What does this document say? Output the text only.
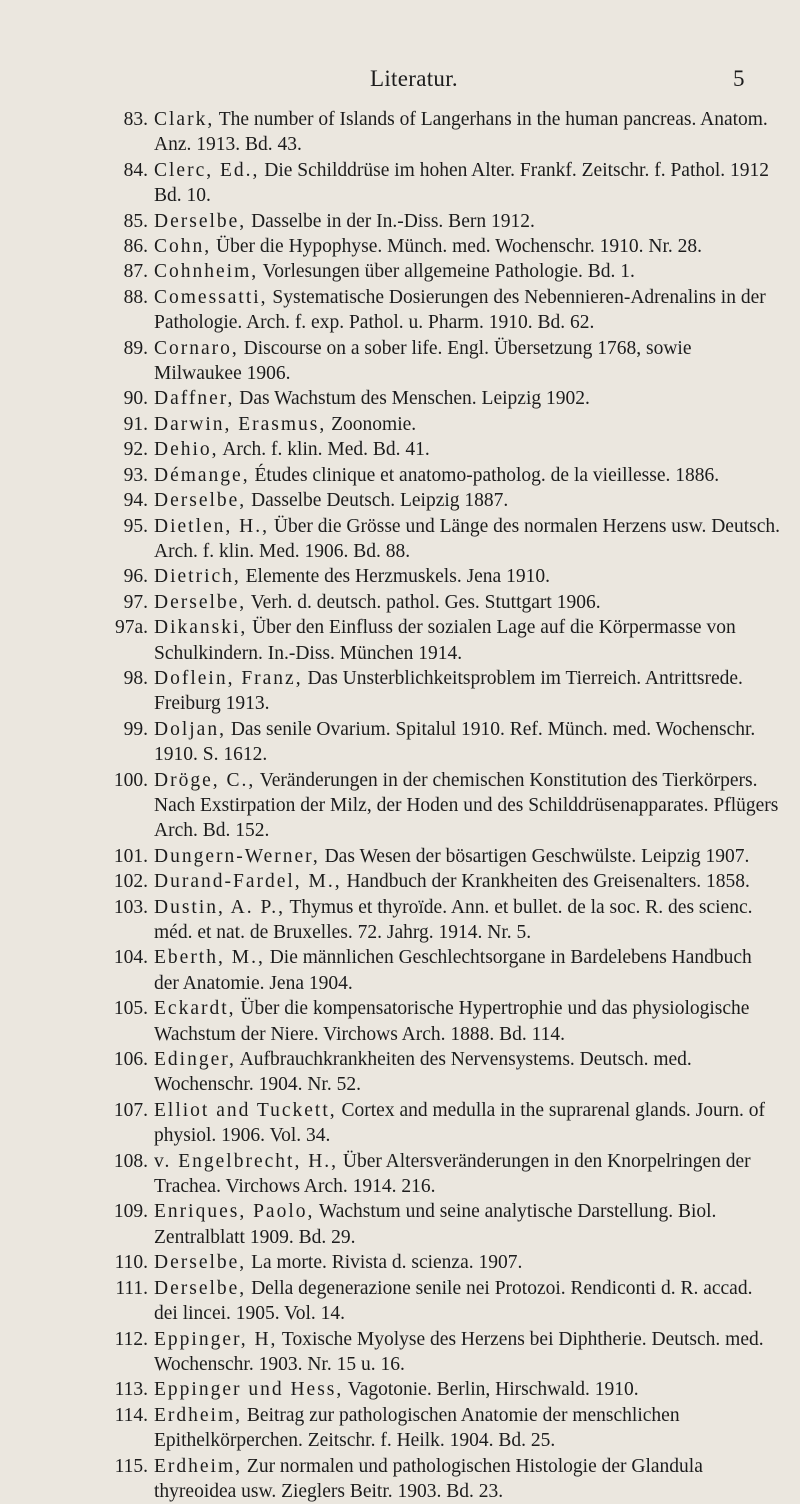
Literatur.	5

83. Clark, The number of Islands of Langerhans in the human pancreas. Anatom. Anz. 1913. Bd. 43.

84. Clerc, Ed., Die Schilddrüse im hohen Alter. Frankf. Zeitschr. f. Pathol. 1912 Bd. 10.

85. Derselbe, Dasselbe in der In.-Diss. Bern 1912.

86. Cohn, Über die Hypophyse. Münch. med. Wochenschr. 1910. Nr. 28.

87. Cohnheim, Vorlesungen über allgemeine Pathologie. Bd. 1.

88. Comessatti, Systematische Dosierungen des Nebennieren-Adrenalins in der Pathologie. Arch. f. exp. Pathol. u. Pharm. 1910. Bd. 62.

89. Cornaro, Discourse on a sober life. Engl. Übersetzung 1768, sowie Milwaukee 1906.

90. Daffner, Das Wachstum des Menschen. Leipzig 1902.

91. Darwin, Erasmus, Zoonomie.

92. Dehio, Arch. f. klin. Med. Bd. 41.

93. Démange, Études clinique et anatomo-patholog. de la vieillesse. 1886.

94. Derselbe, Dasselbe Deutsch. Leipzig 1887.

95. Dietlen, H., Über die Grösse und Länge des normalen Herzens usw. Deutsch. Arch. f. klin. Med. 1906. Bd. 88.

96. Dietrich, Elemente des Herzmuskels. Jena 1910.

97. Derselbe, Verh. d. deutsch. pathol. Ges. Stuttgart 1906.

97a. Dikanski, Über den Einfluss der sozialen Lage auf die Körpermasse von Schulkindern. In.-Diss. München 1914.

98. Doflein, Franz, Das Unsterblichkeitsproblem im Tierreich. Antrittsrede. Freiburg 1913.

99. Doljan, Das senile Ovarium. Spitalul 1910. Ref. Münch. med. Wochenschr. 1910. S. 1612.

100. Dröge, C., Veränderungen in der chemischen Konstitution des Tierkörpers. Nach Exstirpation der Milz, der Hoden und des Schilddrüsenapparates. Pflügers Arch. Bd. 152.

101. Dungern-Werner, Das Wesen der bösartigen Geschwülste. Leipzig 1907.

102. Durand-Fardel, M., Handbuch der Krankheiten des Greisenalters. 1858.

103. Dustin, A. P., Thymus et thyroïde. Ann. et bullet. de la soc. R. des scienc. méd. et nat. de Bruxelles. 72. Jahrg. 1914. Nr. 5.

104. Eberth, M., Die männlichen Geschlechtsorgane in Bardelebens Handbuch der Anatomie. Jena 1904.

105. Eckardt, Über die kompensatorische Hypertrophie und das physiologische Wachstum der Niere. Virchows Arch. 1888. Bd. 114.

106. Edinger, Aufbrauchkrankheiten des Nervensystems. Deutsch. med. Wochenschr. 1904. Nr. 52.

107. Elliot and Tuckett, Cortex and medulla in the suprarenal glands. Journ. of physiol. 1906. Vol. 34.

108. v. Engelbrecht, H., Über Altersveränderungen in den Knorpelringen der Trachea. Virchows Arch. 1914. 216.

109. Enriques, Paolo, Wachstum und seine analytische Darstellung. Biol. Zentralblatt 1909. Bd. 29.

110. Derselbe, La morte. Rivista d. scienza. 1907.

111. Derselbe, Della degenerazione senile nei Protozoi. Rendiconti d. R. accad. dei lincei. 1905. Vol. 14.

112. Eppinger, H, Toxische Myolyse des Herzens bei Diphtherie. Deutsch. med. Wochenschr. 1903. Nr. 15 u. 16.

113. Eppinger und Hess, Vagotonie. Berlin, Hirschwald. 1910.

114. Erdheim, Beitrag zur pathologischen Anatomie der menschlichen Epithelkörperchen. Zeitschr. f. Heilk. 1904. Bd. 25.

115. Erdheim, Zur normalen und pathologischen Histologie der Glandula thyreoidea usw. Zieglers Beitr. 1903. Bd. 23.
